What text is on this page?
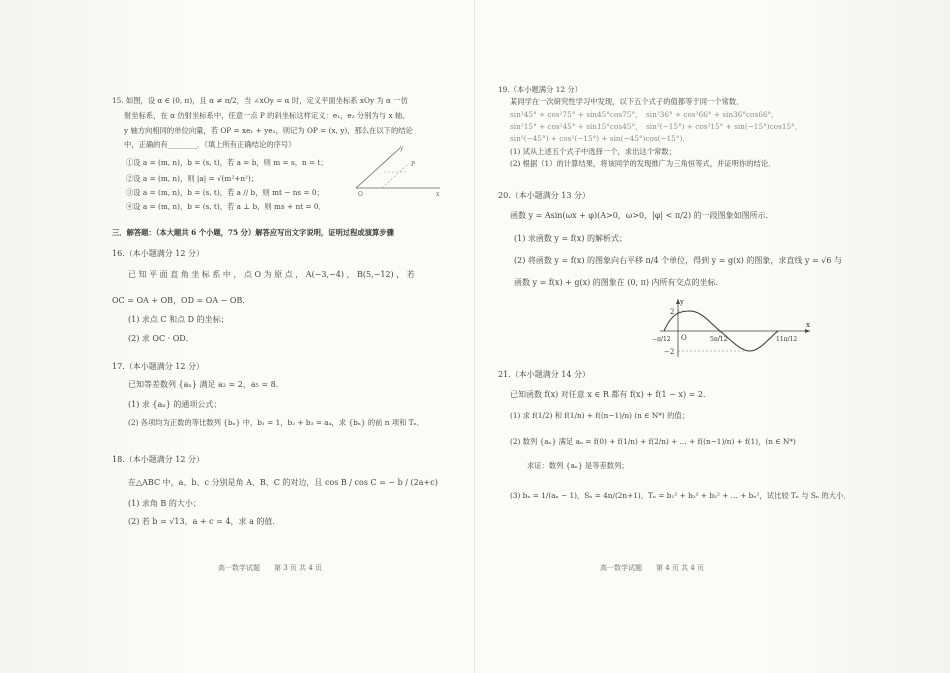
15. 如图，设 α ∈ (0, π)，且 α ≠ π/2，当 ∠xOy = α 时，定义平面坐标系 xOy 为 α 一仿
射坐标系，在 α 仿射坐标系中，任意一点 P 的斜坐标这样定义：e₁，e₂ 分别为与 x 轴、
y 轴方向相同的单位向量，若 OP = xe₁ + ye₂，则记为 OP = (x, y)，那么在以下的结论
中，正确的有________．（填上所有正确结论的序号）
①设 a = (m, n)，b = (s, t)，若 a = b，则 m = s，n = t；
②设 a = (m, n)，则 |a| = √(m²+n²)；
③设 a = (m, n)，b = (s, t)，若 a // b，则 mt − ns = 0；
④设 a = (m, n)，b = (s, t)，若 a ⊥ b，则 ms + nt = 0．
O	x
y
P
三．解答题：（本大题共 6 个小题，75 分）解答应写出文字说明，证明过程或演算步骤
16.（本小题满分 12 分）
已 知 平 面 直 角 坐 标 系 中 ， 点 O 为 原 点 ， A(−3,−4) ， B(5,−12) ， 若
OC = OA + OB，OD = OA − OB．
(1) 求点 C 和点 D 的坐标；
(2) 求 OC · OD．
17.（本小题满分 12 分）
已知等差数列 {aₙ} 满足 a₂ = 2，a₅ = 8.
(1) 求 {aₙ} 的通项公式；
(2) 各项均为正数的等比数列 {bₙ} 中，b₁ = 1，b₂ + b₃ = a₄，求 {bₙ} 的前 n 项和 Tₙ．
18.（本小题满分 12 分）
在△ABC 中，a、b、c 分别是角 A、B、C 的对边，且 cos B / cos C = − b / (2a+c)
(1) 求角 B 的大小；
(2) 若 b = √13，a + c = 4，求 a 的值．
高一数学试题　　第 3 页 共 4 页
19.（本小题满分 12 分）
某同学在一次研究性学习中发现，以下五个式子的值都等于同一个常数．
sin²45° + cos²75° + sin45°cos75°，　sin²36° + cos²66° + sin36°cos66°，
sin²15° + cos²45° + sin15°cos45°，　sin²(−15°) + cos²15° + sin(−15°)cos15°，
sin²(−45°) + cos²(−15°) + sin(−45°)cos(−15°)．
(1) 试从上述五个式子中选择一个，求出这个常数；
(2) 根据（1）的计算结果，将该同学的发现推广为三角恒等式，并证明你的结论．
20.（本小题满分 13 分）
函数 y = Asin(ωx + φ)(A>0，ω>0，|φ| < π/2) 的一段图象如图所示．
(1) 求函数 y = f(x) 的解析式；
(2) 将函数 y = f(x) 的图象向右平移 π/4 个单位，得到 y = g(x) 的图象，求直线 y = √6 与
函数 y = f(x) + g(x) 的图象在 (0, π) 内所有交点的坐标．
y
x
O
2
−2
−π/12	5π/12	11π/12
21.（本小题满分 14 分）
已知函数 f(x) 对任意 x ∈ R 都有 f(x) + f(1 − x) = 2．
(1) 求 f(1/2) 和 f(1/n) + f((n−1)/n) (n ∈ N*) 的值；
(2) 数列 {aₙ} 满足 aₙ = f(0) + f(1/n) + f(2/n) + … + f((n−1)/n) + f(1)，(n ∈ N*)
求证：数列 {aₙ} 是等差数列；
(3) bₙ = 1/(aₙ − 1)，Sₙ = 4n/(2n+1)，Tₙ = b₁² + b₂² + b₃² + … + bₙ²，试比较 Tₙ 与 Sₙ 的大小．
高一数学试题　　第 4 页 共 4 页
